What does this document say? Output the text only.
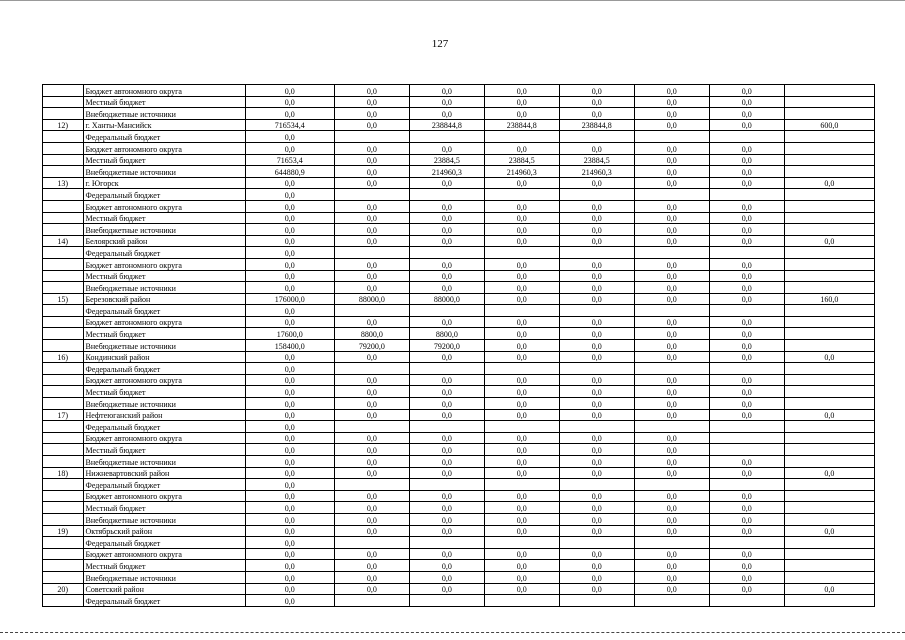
127
	Бюджет автономного округа	0,0	0,0	0,0	0,0	0,0	0,0	0,0	
	Местный бюджет	0,0	0,0	0,0	0,0	0,0	0,0	0,0	
	Внебюджетные источники	0,0	0,0	0,0	0,0	0,0	0,0	0,0	
12)	г. Ханты-Мансийск	716534,4	0,0	238844,8	238844,8	238844,8	0,0	0,0	600,0
	Федеральный бюджет	0,0							
	Бюджет автономного округа	0,0	0,0	0,0	0,0	0,0	0,0	0,0	
	Местный бюджет	71653,4	0,0	23884,5	23884,5	23884,5	0,0	0,0	
	Внебюджетные источники	644880,9	0,0	214960,3	214960,3	214960,3	0,0	0,0	
13)	г. Югорск	0,0	0,0	0,0	0,0	0,0	0,0	0,0	0,0
	Федеральный бюджет	0,0							
	Бюджет автономного округа	0,0	0,0	0,0	0,0	0,0	0,0	0,0	
	Местный бюджет	0,0	0,0	0,0	0,0	0,0	0,0	0,0	
	Внебюджетные источники	0,0	0,0	0,0	0,0	0,0	0,0	0,0	
14)	Белоярский район	0,0	0,0	0,0	0,0	0,0	0,0	0,0	0,0
	Федеральный бюджет	0,0							
	Бюджет автономного округа	0,0	0,0	0,0	0,0	0,0	0,0	0,0	
	Местный бюджет	0,0	0,0	0,0	0,0	0,0	0,0	0,0	
	Внебюджетные источники	0,0	0,0	0,0	0,0	0,0	0,0	0,0	
15)	Березовский район	176000,0	88000,0	88000,0	0,0	0,0	0,0	0,0	160,0
	Федеральный бюджет	0,0							
	Бюджет автономного округа	0,0	0,0	0,0	0,0	0,0	0,0	0,0	
	Местный бюджет	17600,0	8800,0	8800,0	0,0	0,0	0,0	0,0	
	Внебюджетные источники	158400,0	79200,0	79200,0	0,0	0,0	0,0	0,0	
16)	Кондинский район	0,0	0,0	0,0	0,0	0,0	0,0	0,0	0,0
	Федеральный бюджет	0,0							
	Бюджет автономного округа	0,0	0,0	0,0	0,0	0,0	0,0	0,0	
	Местный бюджет	0,0	0,0	0,0	0,0	0,0	0,0	0,0	
	Внебюджетные источники	0,0	0,0	0,0	0,0	0,0	0,0	0,0	
17)	Нефтеюганский район	0,0	0,0	0,0	0,0	0,0	0,0	0,0	0,0
	Федеральный бюджет	0,0							
	Бюджет автономного округа	0,0	0,0	0,0	0,0	0,0	0,0		
	Местный бюджет	0,0	0,0	0,0	0,0	0,0	0,0		
	Внебюджетные источники	0,0	0,0	0,0	0,0	0,0	0,0	0,0	
18)	Нижневартовский район	0,0	0,0	0,0	0,0	0,0	0,0	0,0	0,0
	Федеральный бюджет	0,0							
	Бюджет автономного округа	0,0	0,0	0,0	0,0	0,0	0,0	0,0	
	Местный бюджет	0,0	0,0	0,0	0,0	0,0	0,0	0,0	
	Внебюджетные источники	0,0	0,0	0,0	0,0	0,0	0,0	0,0	
19)	Октябрьский район	0,0	0,0	0,0	0,0	0,0	0,0	0,0	0,0
	Федеральный бюджет	0,0							
	Бюджет автономного округа	0,0	0,0	0,0	0,0	0,0	0,0	0,0	
	Местный бюджет	0,0	0,0	0,0	0,0	0,0	0,0	0,0	
	Внебюджетные источники	0,0	0,0	0,0	0,0	0,0	0,0	0,0	
20)	Советский район	0,0	0,0	0,0	0,0	0,0	0,0	0,0	0,0
	Федеральный бюджет	0,0							
